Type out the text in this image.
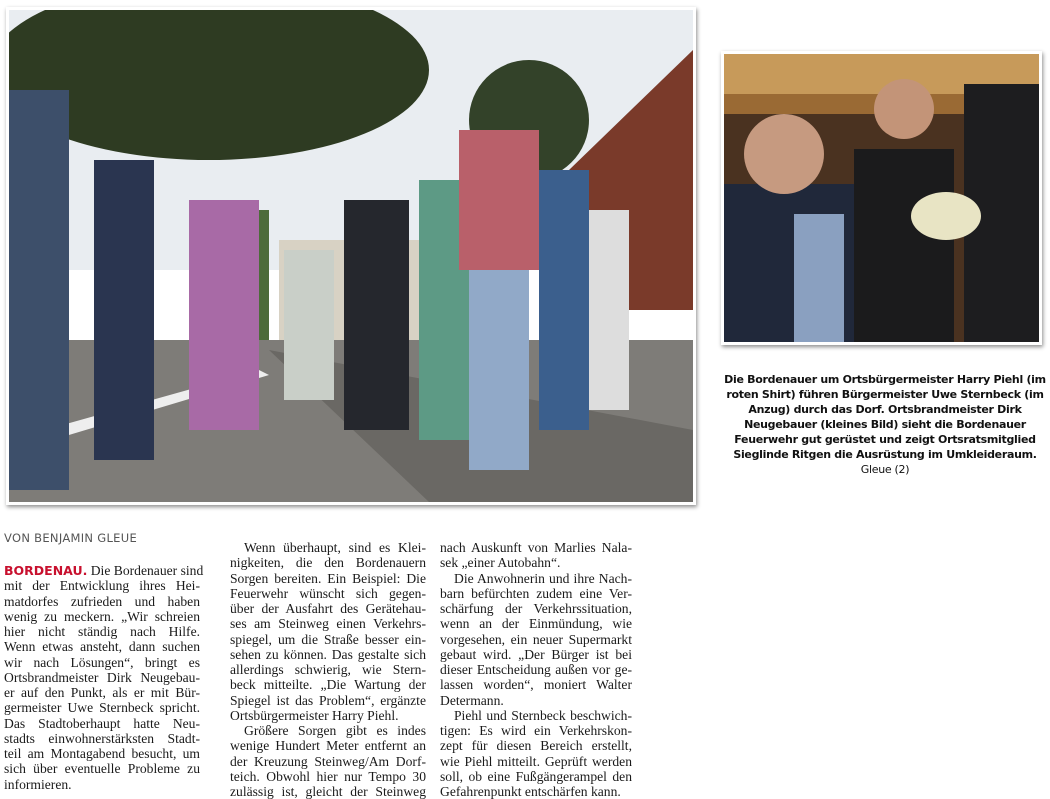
Die Bordenauer um Ortsbürgermeister Harry Piehl (im
roten Shirt) führen Bürgermeister Uwe Sternbeck (im
Anzug) durch das Dorf. Ortsbrandmeister Dirk
Neugebauer (kleines Bild) sieht die Bordenauer
Feuerwehr gut gerüstet und zeigt Ortsratsmitglied
Sieglinde Ritgen die Ausrüstung im Umkleideraum.
Gleue (2)
VON BENJAMIN GLEUE
BORDENAU. Die Bordenauer sind
mit der Entwicklung ihres Hei-
matdorfes zufrieden und haben
wenig zu meckern. „Wir schreien
hier nicht ständig nach Hilfe.
Wenn etwas ansteht, dann suchen
wir nach Lösungen“, bringt es
Ortsbrandmeister Dirk Neugebau-
er auf den Punkt, als er mit Bür-
germeister Uwe Sternbeck spricht.
Das Stadtoberhaupt hatte Neu-
stadts einwohnerstärksten Stadt-
teil am Montagabend besucht, um
sich über eventuelle Probleme zu
informieren.
Wenn überhaupt, sind es Klei-
nigkeiten, die den Bordenauern
Sorgen bereiten. Ein Beispiel: Die
Feuerwehr wünscht sich gegen-
über der Ausfahrt des Gerätehau-
ses am Steinweg einen Verkehrs-
spiegel, um die Straße besser ein-
sehen zu können. Das gestalte sich
allerdings schwierig, wie Stern-
beck mitteilte. „Die Wartung der
Spiegel ist das Problem“, ergänzte
Ortsbürgermeister Harry Piehl.
Größere Sorgen gibt es indes
wenige Hundert Meter entfernt an
der Kreuzung Steinweg/Am Dorf-
teich. Obwohl hier nur Tempo 30
zulässig ist, gleicht der Steinweg
nach Auskunft von Marlies Nala-
sek „einer Autobahn“.
Die Anwohnerin und ihre Nach-
barn befürchten zudem eine Ver-
schärfung der Verkehrssituation,
wenn an der Einmündung, wie
vorgesehen, ein neuer Supermarkt
gebaut wird. „Der Bürger ist bei
dieser Entscheidung außen vor ge-
lassen worden“, moniert Walter
Determann.
Piehl und Sternbeck beschwich-
tigen: Es wird ein Verkehrskon-
zept für diesen Bereich erstellt,
wie Piehl mitteilt. Geprüft werden
soll, ob eine Fußgängerampel den
Gefahrenpunkt entschärfen kann.
